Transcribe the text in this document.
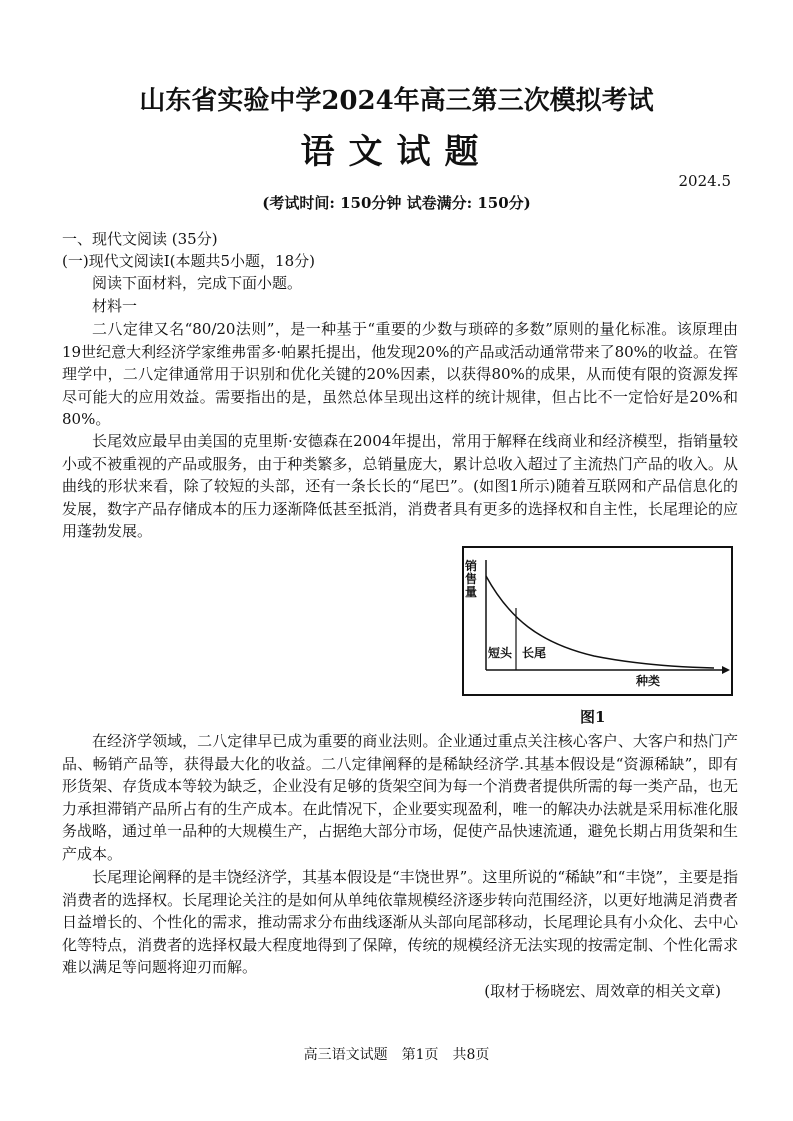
山东省实验中学2024年高三第三次模拟考试
语文试题
2024.5
(考试时间: 150分钟 试卷满分: 150分)
一、现代文阅读 (35分)
(一)现代文阅读I(本题共5小题，18分)
阅读下面材料，完成下面小题。
材料一

二八定律又名“80/20法则”，是一种基于“重要的少数与琐碎的多数”原则的量化标准。该原理由19世纪意大利经济学家维弗雷多·帕累托提出，他发现20%的产品或活动通常带来了80%的收益。在管理学中，二八定律通常用于识别和优化关键的20%因素，以获得80%的成果，从而使有限的资源发挥尽可能大的应用效益。需要指出的是，虽然总体呈现出这样的统计规律，但占比不一定恰好是20%和80%。

长尾效应最早由美国的克里斯·安德森在2004年提出，常用于解释在线商业和经济模型，指销量较小或不被重视的产品或服务，由于种类繁多，总销量庞大，累计总收入超过了主流热门产品的收入。从曲线的形状来看，除了较短的头部，还有一条长长的“尾巴”。(如图1所示)随着互联网和产品信息化的发展，数字产品存储成本的压力逐渐降低甚至抵消，消费者具有更多的选择权和自主性，长尾理论的应用蓬勃发展。

销售量
短头 长尾
种类
图1

在经济学领域，二八定律早已成为重要的商业法则。企业通过重点关注核心客户、大客户和热门产品、畅销产品等，获得最大化的收益。二八定律阐释的是稀缺经济学.其基本假设是“资源稀缺”，即有形货架、存货成本等较为缺乏，企业没有足够的货架空间为每一个消费者提供所需的每一类产品，也无力承担滞销产品所占有的生产成本。在此情况下，企业要实现盈利，唯一的解决办法就是采用标准化服务战略，通过单一品种的大规模生产，占据绝大部分市场，促使产品快速流通，避免长期占用货架和生产成本。

长尾理论阐释的是丰饶经济学，其基本假设是“丰饶世界”。这里所说的“稀缺”和“丰饶”，主要是指消费者的选择权。长尾理论关注的是如何从单纯依靠规模经济逐步转向范围经济，以更好地满足消费者日益增长的、个性化的需求，推动需求分布曲线逐渐从头部向尾部移动，长尾理论具有小众化、去中心化等特点，消费者的选择权最大程度地得到了保障，传统的规模经济无法实现的按需定制、个性化需求难以满足等问题将迎刃而解。

(取材于杨晓宏、周效章的相关文章)
高三语文试题　第1页　共8页
